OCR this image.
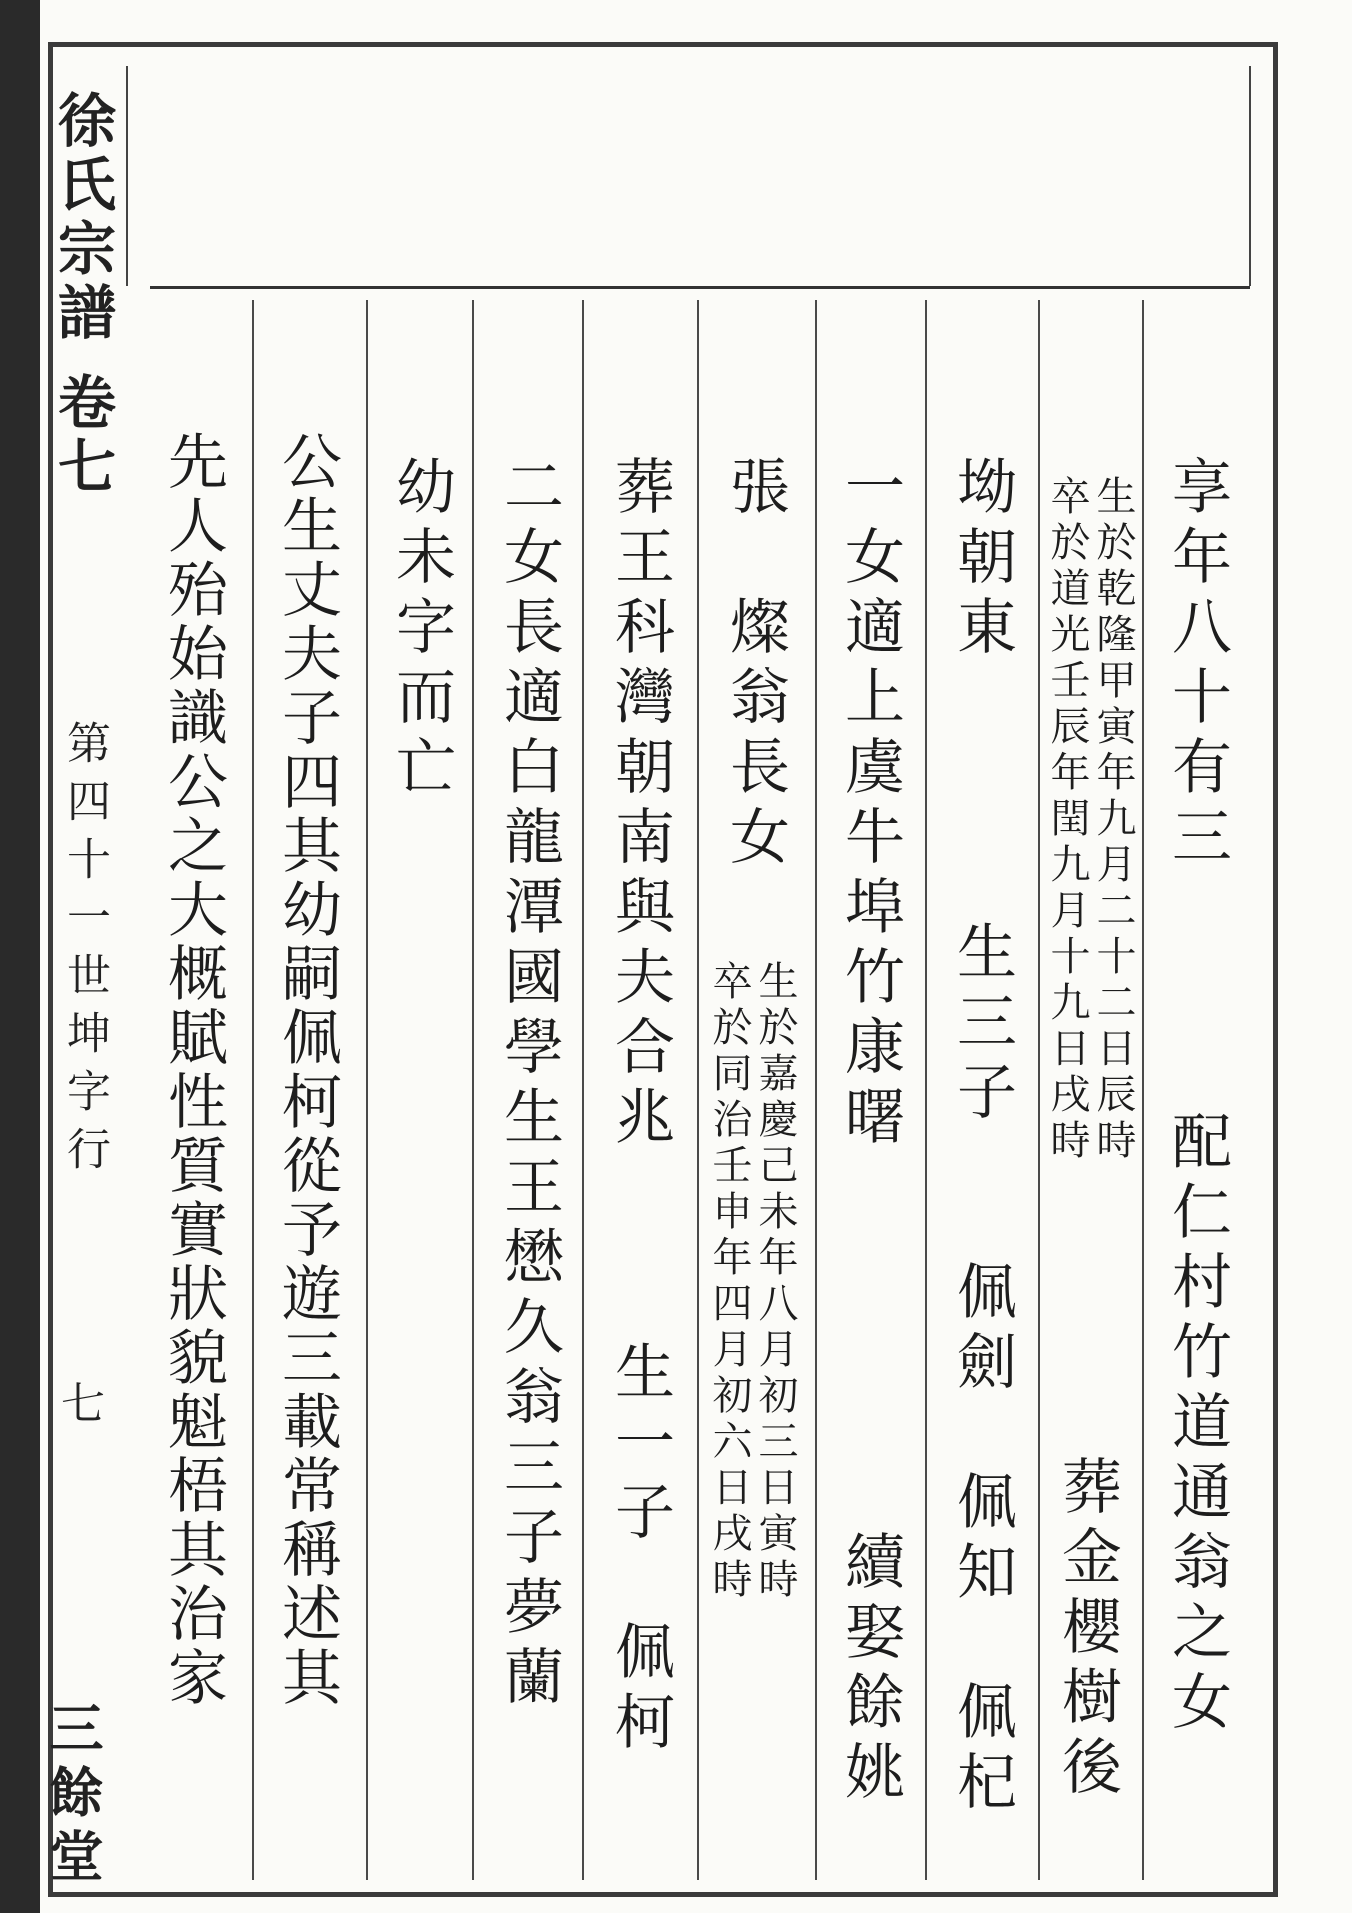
徐氏宗譜 卷七
第四十一世坤字行
七
三餘堂
享年八十有三
配仁村竹道通翁之女
生於乾隆甲寅年九月二十二日辰時
卒於道光壬辰年閏九月十九日戌時
葬金櫻樹後
坳朝東
生三子
佩劍　佩知　佩杞
一女適上虞牛埠竹康曙
續娶餘姚
張　燦翁長女
生於嘉慶己未年八月初三日寅時
卒於同治壬申年四月初六日戌時
葬王科灣朝南與夫合兆
生一子　佩柯
二女長適白龍潭國學生王懋久翁三子夢蘭
幼未字而亡
公生丈夫子四其幼嗣佩柯從予遊三載常稱述其
先人殆始識公之大概賦性質實狀貌魁梧其治家
